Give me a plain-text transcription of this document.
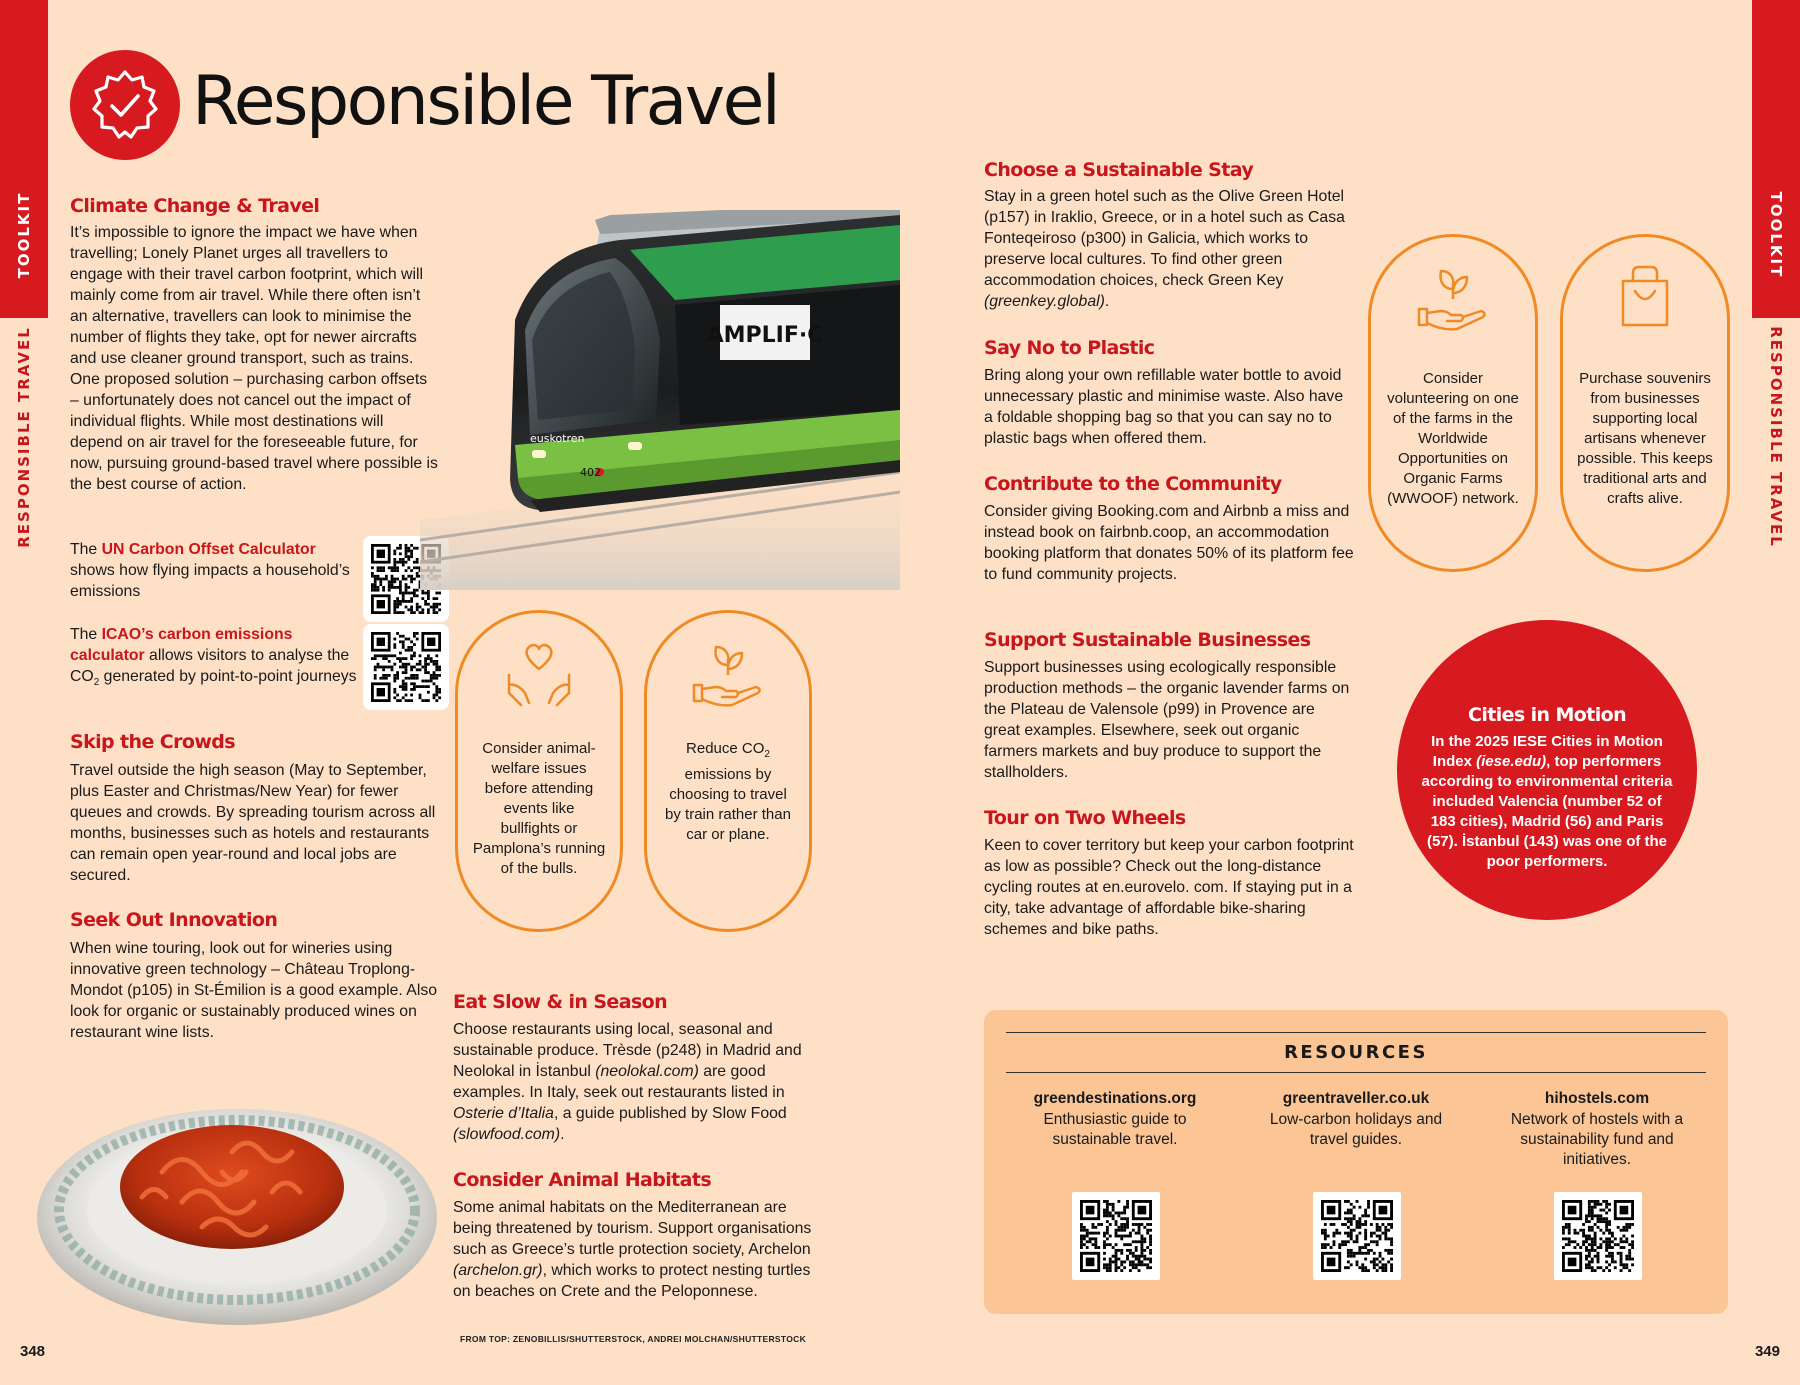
TOOLKIT
RESPONSIBLE TRAVEL
TOOLKIT
RESPONSIBLE TRAVEL
Responsible Travel
Climate Change & Travel
It’s impossible to ignore the impact we have when travelling; Lonely Planet urges all travellers to engage with their travel carbon footprint, which will mainly come from air travel. While there often isn’t an alternative, travellers can look to minimise the number of flights they take, opt for newer aircrafts and use cleaner ground transport, such as trains. One proposed solution – purchasing carbon offsets – unfortunately does not cancel out the impact of individual flights. While most destinations will depend on air travel for the foreseeable future, for now, pursuing ground-based travel where possible is the best course of action.
The UN Carbon Offset Calculator shows how flying impacts a household’s emissions
The ICAO’s carbon emissions calculator allows visitors to analyse the $CO_2$ generated by point-to-point journeys
Skip the Crowds
Travel outside the high season (May to September, plus Easter and Christmas/New Year) for fewer queues and crowds. By spreading tourism across all months, businesses such as hotels and restaurants can remain open year-round and local jobs are secured.
Seek Out Innovation
When wine touring, look out for wineries using innovative green technology – Château Troplong-Mondot (p105) in St-Émilion is a good example. Also look for organic or sustainably produced wines on restaurant wine lists.
AMPLIF·C
euskotren
402
Consider animal-welfare issues before attending events like bullfights or Pamplona’s running of the bulls.
Reduce $CO_2$ emissions by choosing to travel by train rather than car or plane.
Eat Slow & in Season
Choose restaurants using local, seasonal and sustainable produce. Trèsde (p248) in Madrid and Neolokal in İstanbul (neolokal.com) are good examples. In Italy, seek out restaurants listed in Osterie d’Italia, a guide published by Slow Food (slowfood.com).
Consider Animal Habitats
Some animal habitats on the Mediterranean are being threatened by tourism. Support organisations such as Greece’s turtle protection society, Archelon (archelon.gr), which works to protect nesting turtles on beaches on Crete and the Peloponnese.
Choose a Sustainable Stay
Stay in a green hotel such as the Olive Green Hotel (p157) in Iraklio, Greece, or in a hotel such as Casa Fonteqeiroso (p300) in Galicia, which works to preserve local cultures. To find other green accommodation choices, check Green Key (greenkey.global).
Say No to Plastic
Bring along your own refillable water bottle to avoid unnecessary plastic and minimise waste. Also have a foldable shopping bag so that you can say no to plastic bags when offered them.
Contribute to the Community
Consider giving Booking.com and Airbnb a miss and instead book on fairbnb.coop, an accommodation booking platform that donates 50% of its platform fee to fund community projects.
Support Sustainable Businesses
Support businesses using ecologically responsible production methods – the organic lavender farms on the Plateau de Valensole (p99) in Provence are great examples. Elsewhere, seek out organic farmers markets and buy produce to support the stallholders.
Tour on Two Wheels
Keen to cover territory but keep your carbon footprint as low as possible? Check out the long-distance cycling routes at en.eurovelo. com. If staying put in a city, take advantage of affordable bike-sharing schemes and bike paths.
Consider volunteering on one of the farms in the Worldwide Opportunities on Organic Farms (WWOOF) network.
Purchase souvenirs from businesses supporting local artisans whenever possible. This keeps traditional arts and crafts alive.
Cities in Motion
In the 2025 IESE Cities in Motion Index (iese.edu), top performers according to environmental criteria included Valencia (number 52 of 183 cities), Madrid (56) and Paris (57). İstanbul (143) was one of the poor performers.
RESOURCES
greendestinations.org
Enthusiastic guide to sustainable travel.
greentraveller.co.uk
Low-carbon holidays and travel guides.
hihostels.com
Network of hostels with a sustainability fund and initiatives.
348	349
FROM TOP: ZENOBILLIS/SHUTTERSTOCK, ANDREI MOLCHAN/SHUTTERSTOCK
